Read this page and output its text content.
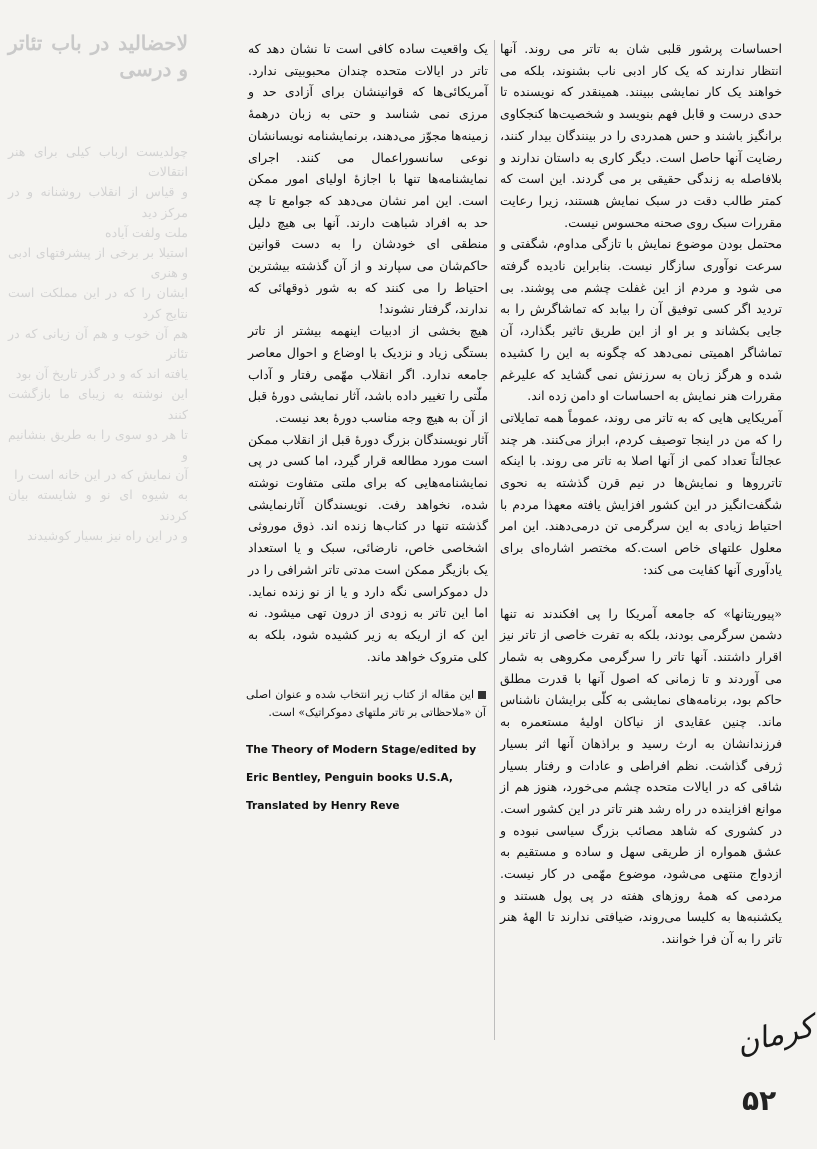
لاحضالید در باب تئاتر و درسی

چولدیست ارباب کیلی برای هنر انتقالات

و قیاس از انقلاب روشنانه و در مرکز دید

ملت ولفت آیاده

استیلا بر برخی از پیشرفتهای ادبی و هنری

ایشان را که در این مملکت است نتایج کرد

هم آن خوب و هم آن زیانی که در تئاتر

یافته اند که و در گذر تاریخ آن بود

این نوشته به زیبای ما بازگشت کنند

تا هر دو سوی را به طریق بنشانیم و

آن نمایش که در این خانه است را

به شیوه ای نو و شایسته بیان کردند

و در این راه نیز بسیار کوشیدند

احساسات پرشور قلبی شان به تاتر می روند. آنها انتظار ندارند که یک کار ادبی ناب بشنوند، بلکه می خواهند یک کار نمایشی ببینند. همینقدر که نویسنده تا حدی درست و قابل فهم بنویسد و شخصیت‌ها کنجکاوی برانگیز باشند و حس همدردی را در بینندگان بیدار کنند، رضایت آنها حاصل است. دیگر کاری به داستان ندارند و بلافاصله به زندگی حقیقی بر می گردند. این است که کمتر طالب دقت در سبک نمایش هستند، زیرا رعایت مقررات سبک روی صحنه محسوس نیست.

محتمل بودن موضوع نمایش با تازگی مداوم، شگفتی و سرعت نوآوری سازگار نیست. بنابراین نادیده گرفته می شود و مردم از این غفلت چشم می پوشند. بی تردید اگر کسی توفیق آن را بیابد که تماشاگرش را به جایی بکشاند و بر او از این طریق تاثیر بگذارد، آن تماشاگر اهمیتی نمی‌دهد که چگونه به این را کشیده شده و هرگز زبان به سرزنش نمی گشاید که علیرغم مقررات هنر نمایش به احساسات او دامن زده اند.

آمریکایی هایی که به تاتر می روند، عموماً همه تمایلاتی را که من در اینجا توصیف کردم، ابراز می‌کنند. هر چند عجالتاً تعداد کمی از آنها اصلا به تاتر می روند. با اینکه تاترروها و نمایش‌ها در نیم قرن گذشته به نحوی شگفت‌انگیز در این کشور افزایش یافته معهذا مردم با احتیاط زیادی به این سرگرمی تن درمی‌دهند. این امر معلول علتهای خاص است.که مختصر اشاره‌ای برای یادآوری آنها کفایت می کند:

«پیوریتانها» که جامعه آمریکا را پی افکندند نه تنها دشمن سرگرمی بودند، بلکه به تفرت خاصی از تاتر نیز اقرار داشتند. آنها تاتر را سرگرمی مکروهی به شمار می آوردند و تا زمانی که اصول آنها با قدرت مطلق حاکم بود، برنامه‌های نمایشی به کلّی برایشان ناشناس ماند. چنین عقایدی از نیاکان اولیهٔ مستعمره به فرزندانشان به ارث رسید و براذهان آنها اثر بسیار ژرفی گذاشت. نظم افراطی و عادات و رفتار بسیار شاقی که در ایالات متحده چشم می‌خورد، هنوز هم از موانع افزاینده در راه رشد هنر تاتر در این کشور است. در کشوری که شاهد مصائب بزرگ سیاسی نبوده و عشق همواره از طریقی سهل و ساده و مستقیم به ازدواج منتهی می‌شود، موضوع مهّمی در کار نیست. مردمی که همهٔ روزهای هفته در پی پول هستند و یکشنبه‌ها به کلیسا می‌روند، ضیافتی ندارند تا الههٔ هنر تاتر را به آن فرا خوانند.

یک واقعیت ساده کافی است تا نشان دهد که تاتر در ایالات متحده چندان محبوبیتی ندارد. آمریکائی‌ها که قوانینشان برای آزادی حد و مرزی نمی شناسد و حتی به زبان درهمهٔ زمینه‌ها مجوّز می‌دهند، برنمایشنامه نویسانشان نوعی سانسوراعمال می کنند. اجرای نمایشنامه‌ها تنها با اجازهٔ اولیای امور ممکن است. این امر نشان می‌دهد که جوامع تا چه حد به افراد شباهت دارند. آنها بی هیچ دلیل منطقی ای خودشان را به دست قوانین حاکم‌شان می سپارند و از آن گذشته بیشترین احتیاط را می کنند که به شور ذوقهائی که ندارند، گرفتار نشوند!

هیچ بخشی از ادبیات اینهمه بیشتر از تاتر بستگی زیاد و نزدیک با اوضاع و احوال معاصر جامعه ندارد. اگر انقلاب مهّمی رفتار و آداب ملّتی را تغییر داده باشد، آثار نمایشی دورهٔ قبل از آن به هیچ وجه مناسب دورهٔ بعد نیست.

آثار نویسندگان بزرگ دورهٔ قبل از انقلاب ممکن است مورد مطالعه قرار گیرد، اما کسی در پی نمایشنامه‌هایی که برای ملتی متفاوت نوشته شده، نخواهد رفت. نویسندگان آثارنمایشی گذشته تنها در کتاب‌ها زنده اند. ذوق موروثی اشخاصی خاص، نارضائی، سبک و یا استعداد یک بازیگر ممکن است مدتی تاتر اشرافی را در دل دموکراسی نگه دارد و یا از نو زنده نماید. اما این تاتر به زودی از درون تهی میشود. نه این که از اریکه به زیر کشیده شود، بلکه به کلی متروک خواهد ماند.

این مقاله از کتاب زیر انتخاب شده و عنوان اصلی آن «ملاحظاتی بر تاتر ملتهای دموکراتیک» است.
The Theory of Modern Stage/edited by Eric Bentley, Penguin books U.S.A, Translated by Henry Reve
کرمان
۵۲
